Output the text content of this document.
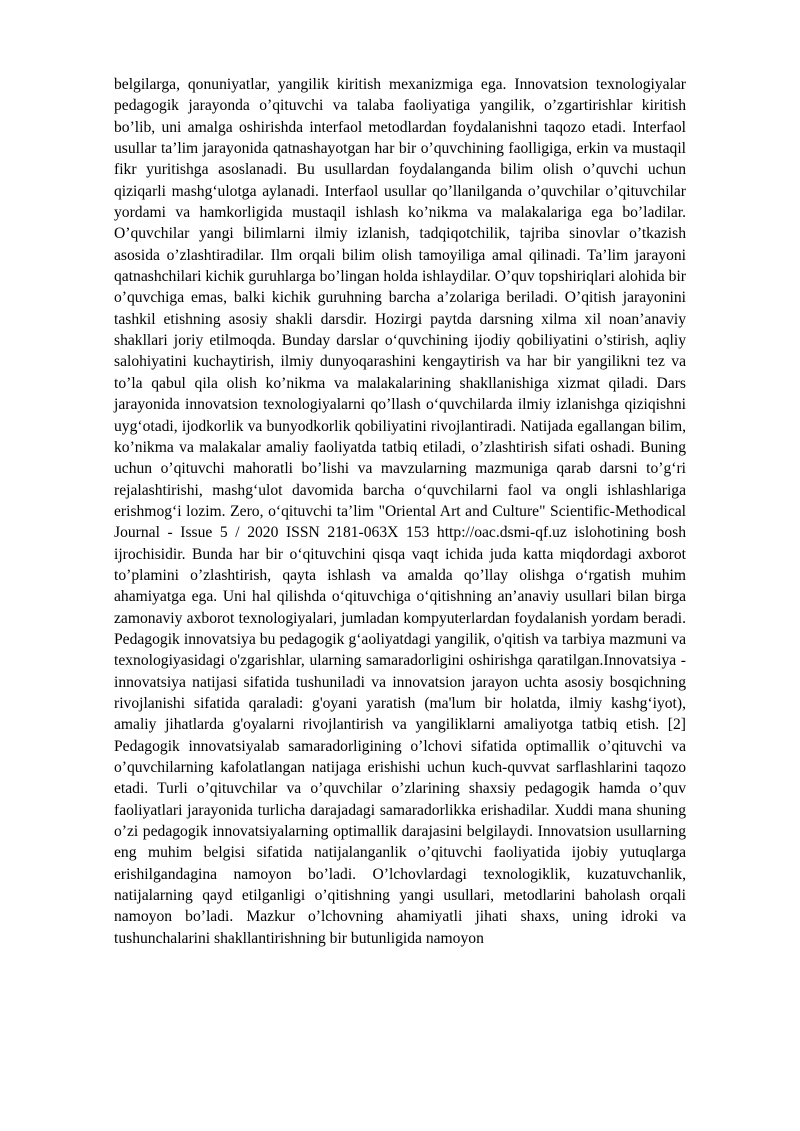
belgilarga, qonuniyatlar, yangilik kiritish mexanizmiga ega. Innovatsion texnologiyalar pedagogik jarayonda o’qituvchi va talaba faoliyatiga yangilik, o’zgartirishlar kiritish bo’lib, uni amalga oshirishda interfaol metodlardan foydalanishni taqozo etadi. Interfaol usullar ta’lim jarayonida qatnashayotgan har bir o’quvchining faolligiga, erkin va mustaqil fikr yuritishga asoslanadi. Bu usullardan foydalanganda bilim olish o’quvchi uchun qiziqarli mashg‘ulotga aylanadi. Interfaol usullar qo’llanilganda o’quvchilar o’qituvchilar yordami va hamkorligida mustaqil ishlash ko’nikma va malakalariga ega bo’ladilar. O’quvchilar yangi bilimlarni ilmiy izlanish, tadqiqotchilik, tajriba sinovlar o’tkazish asosida o’zlashtiradilar. Ilm orqali bilim olish tamoyiliga amal qilinadi. Ta’lim jarayoni qatnashchilari kichik guruhlarga bo’lingan holda ishlaydilar. O’quv topshiriqlari alohida bir o’quvchiga emas, balki kichik guruhning barcha a’zolariga beriladi. O’qitish jarayonini tashkil etishning asosiy shakli darsdir. Hozirgi paytda darsning xilma xil noan’anaviy shakllari joriy etilmoqda. Bunday darslar o‘quvchining ijodiy qobiliyatini o’stirish, aqliy salohiyatini kuchaytirish, ilmiy dunyoqarashini kengaytirish va har bir yangilikni tez va to’la qabul qila olish ko’nikma va malakalarining shakllanishiga xizmat qiladi. Dars jarayonida innovatsion texnologiyalarni qo’llash o‘quvchilarda ilmiy izlanishga qiziqishni uyg‘otadi, ijodkorlik va bunyodkorlik qobiliyatini rivojlantiradi. Natijada egallangan bilim, ko’nikma va malakalar amaliy faoliyatda tatbiq etiladi, o’zlashtirish sifati oshadi. Buning uchun o’qituvchi mahoratli bo’lishi va mavzularning mazmuniga qarab darsni to’g‘ri rejalashtirishi, mashg‘ulot davomida barcha o‘quvchilarni faol va ongli ishlashlariga erishmog‘i lozim. Zero, o‘qituvchi ta’lim "Oriental Art and Culture" Scientific-Methodical Journal - Issue 5 / 2020 ISSN 2181-063X 153 http://oac.dsmi-qf.uz islohotining bosh ijrochisidir. Bunda har bir o‘qituvchini qisqa vaqt ichida juda katta miqdordagi axborot to’plamini o’zlashtirish, qayta ishlash va amalda qo’llay olishga o‘rgatish muhim ahamiyatga ega. Uni hal qilishda o‘qituvchiga o‘qitishning an’anaviy usullari bilan birga zamonaviy axborot texnologiyalari, jumladan kompyuterlardan foydalanish yordam beradi. Pedagogik innovatsiya bu pedagogik g‘aoliyatdagi yangilik, o'qitish va tarbiya mazmuni va texnologiyasidagi o'zgarishlar, ularning samaradorligini oshirishga qaratilgan.Innovatsiya - innovatsiya natijasi sifatida tushuniladi va innovatsion jarayon uchta asosiy bosqichning rivojlanishi sifatida qaraladi: g'oyani yaratish (ma'lum bir holatda, ilmiy kashg‘iyot), amaliy jihatlarda g'oyalarni rivojlantirish va yangiliklarni amaliyotga tatbiq etish. [2] Pedagogik innovatsiyalab samaradorligining o’lchovi sifatida optimallik o’qituvchi va o’quvchilarning kafolatlangan natijaga erishishi uchun kuch-quvvat sarflashlarini taqozo etadi. Turli o’qituvchilar va o’quvchilar o’zlarining shaxsiy pedagogik hamda o’quv faoliyatlari jarayonida turlicha darajadagi samaradorlikka erishadilar. Xuddi mana shuning o’zi pedagogik innovatsiyalarning optimallik darajasini belgilaydi. Innovatsion usullarning eng muhim belgisi sifatida natijalanganlik o’qituvchi faoliyatida ijobiy yutuqlarga erishilgandagina namoyon bo’ladi. O’lchovlardagi texnologiklik, kuzatuvchanlik, natijalarning qayd etilganligi o’qitishning yangi usullari, metodlarini baholash orqali namoyon bo’ladi. Mazkur o’lchovning ahamiyatli jihati shaxs, uning idroki va tushunchalarini shakllantirishning bir butunligida namoyon
